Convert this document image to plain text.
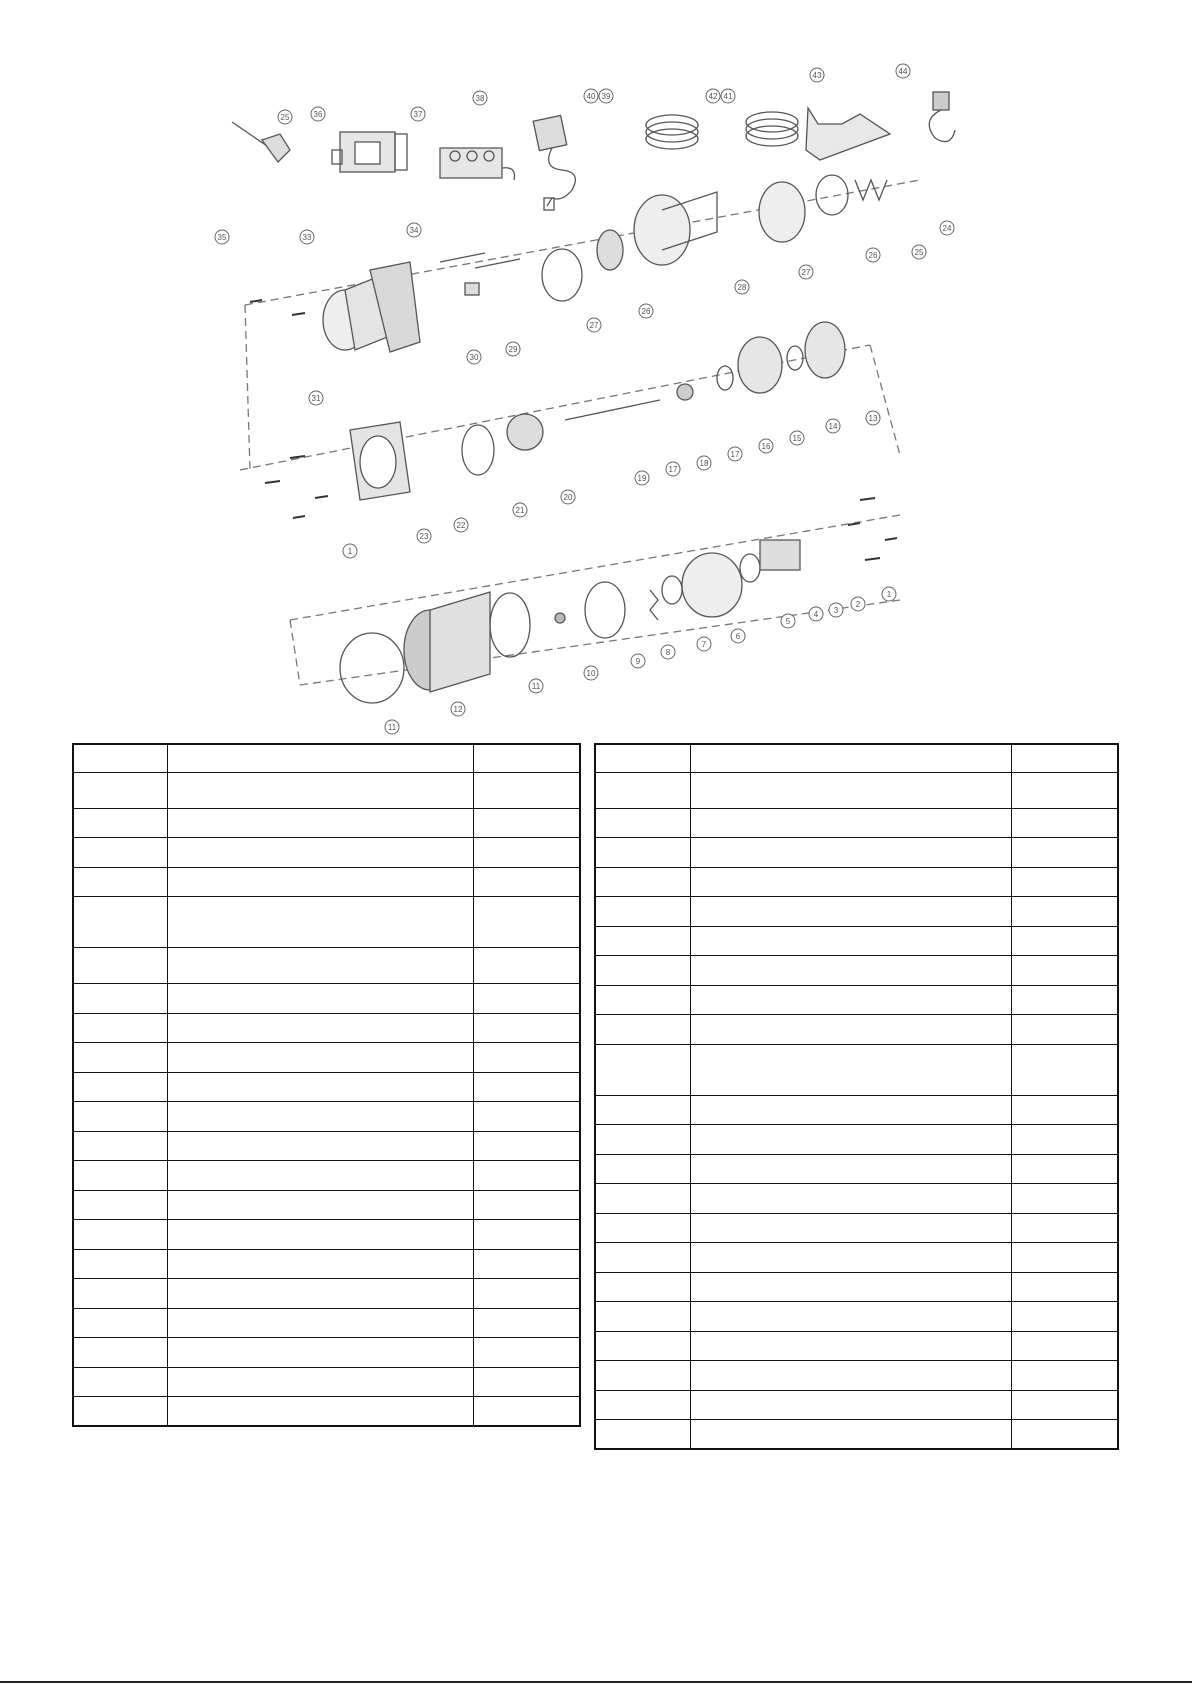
25	36	37
38	40 39	42 41
43	44
35	33
34
31
30
29
27
26
28
27
26	25
24
23
1
22
21
20
19
17
18
17
16
15
14
13
11
12
11
10
9
8
7
6
5
4 3
2
1
